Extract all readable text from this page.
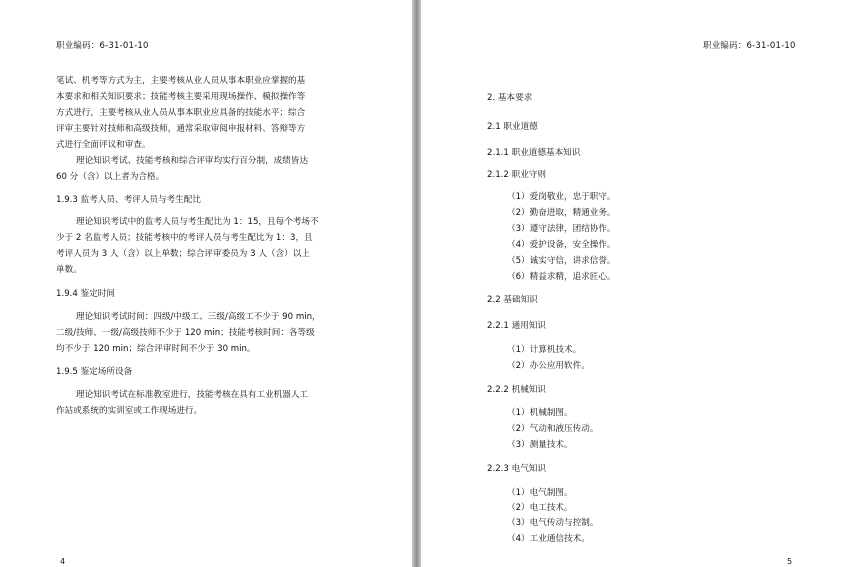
职业编码：6-31-01-10
笔试、机考等方式为主，主要考核从业人员从事本职业应掌握的基
本要求和相关知识要求；技能考核主要采用现场操作、模拟操作等
方式进行，主要考核从业人员从事本职业应具备的技能水平；综合
评审主要针对技师和高级技师，通常采取审阅申报材料、答辩等方
式进行全面评议和审查。
理论知识考试、技能考核和综合评审均实行百分制，成绩皆达
60 分（含）以上者为合格。
1.9.3 监考人员、考评人员与考生配比
理论知识考试中的监考人员与考生配比为 1：15，且每个考场不
少于 2 名监考人员；技能考核中的考评人员与考生配比为 1：3，且
考评人员为 3 人（含）以上单数；综合评审委员为 3 人（含）以上
单数。
1.9.4 鉴定时间
理论知识考试时间：四级/中级工、三级/高级工不少于 90 min，
二级/技师、一级/高级技师不少于 120 min；技能考核时间：各等级
均不少于 120 min；综合评审时间不少于 30 min。
1.9.5 鉴定场所设备
理论知识考试在标准教室进行，技能考核在具有工业机器人工
作站或系统的实训室或工作现场进行。
4
职业编码：6-31-01-10
2. 基本要求
2.1 职业道德
2.1.1 职业道德基本知识
2.1.2 职业守则
（1）爱岗敬业，忠于职守。
（2）勤奋进取，精通业务。
（3）遵守法律，团结协作。
（4）爱护设备，安全操作。
（5）诚实守信，讲求信誉。
（6）精益求精，追求匠心。
2.2 基础知识
2.2.1 通用知识
（1）计算机技术。
（2）办公应用软件。
2.2.2 机械知识
（1）机械制图。
（2）气动和液压传动。
（3）测量技术。
2.2.3 电气知识
（1）电气制图。
（2）电工技术。
（3）电气传动与控制。
（4）工业通信技术。
5
